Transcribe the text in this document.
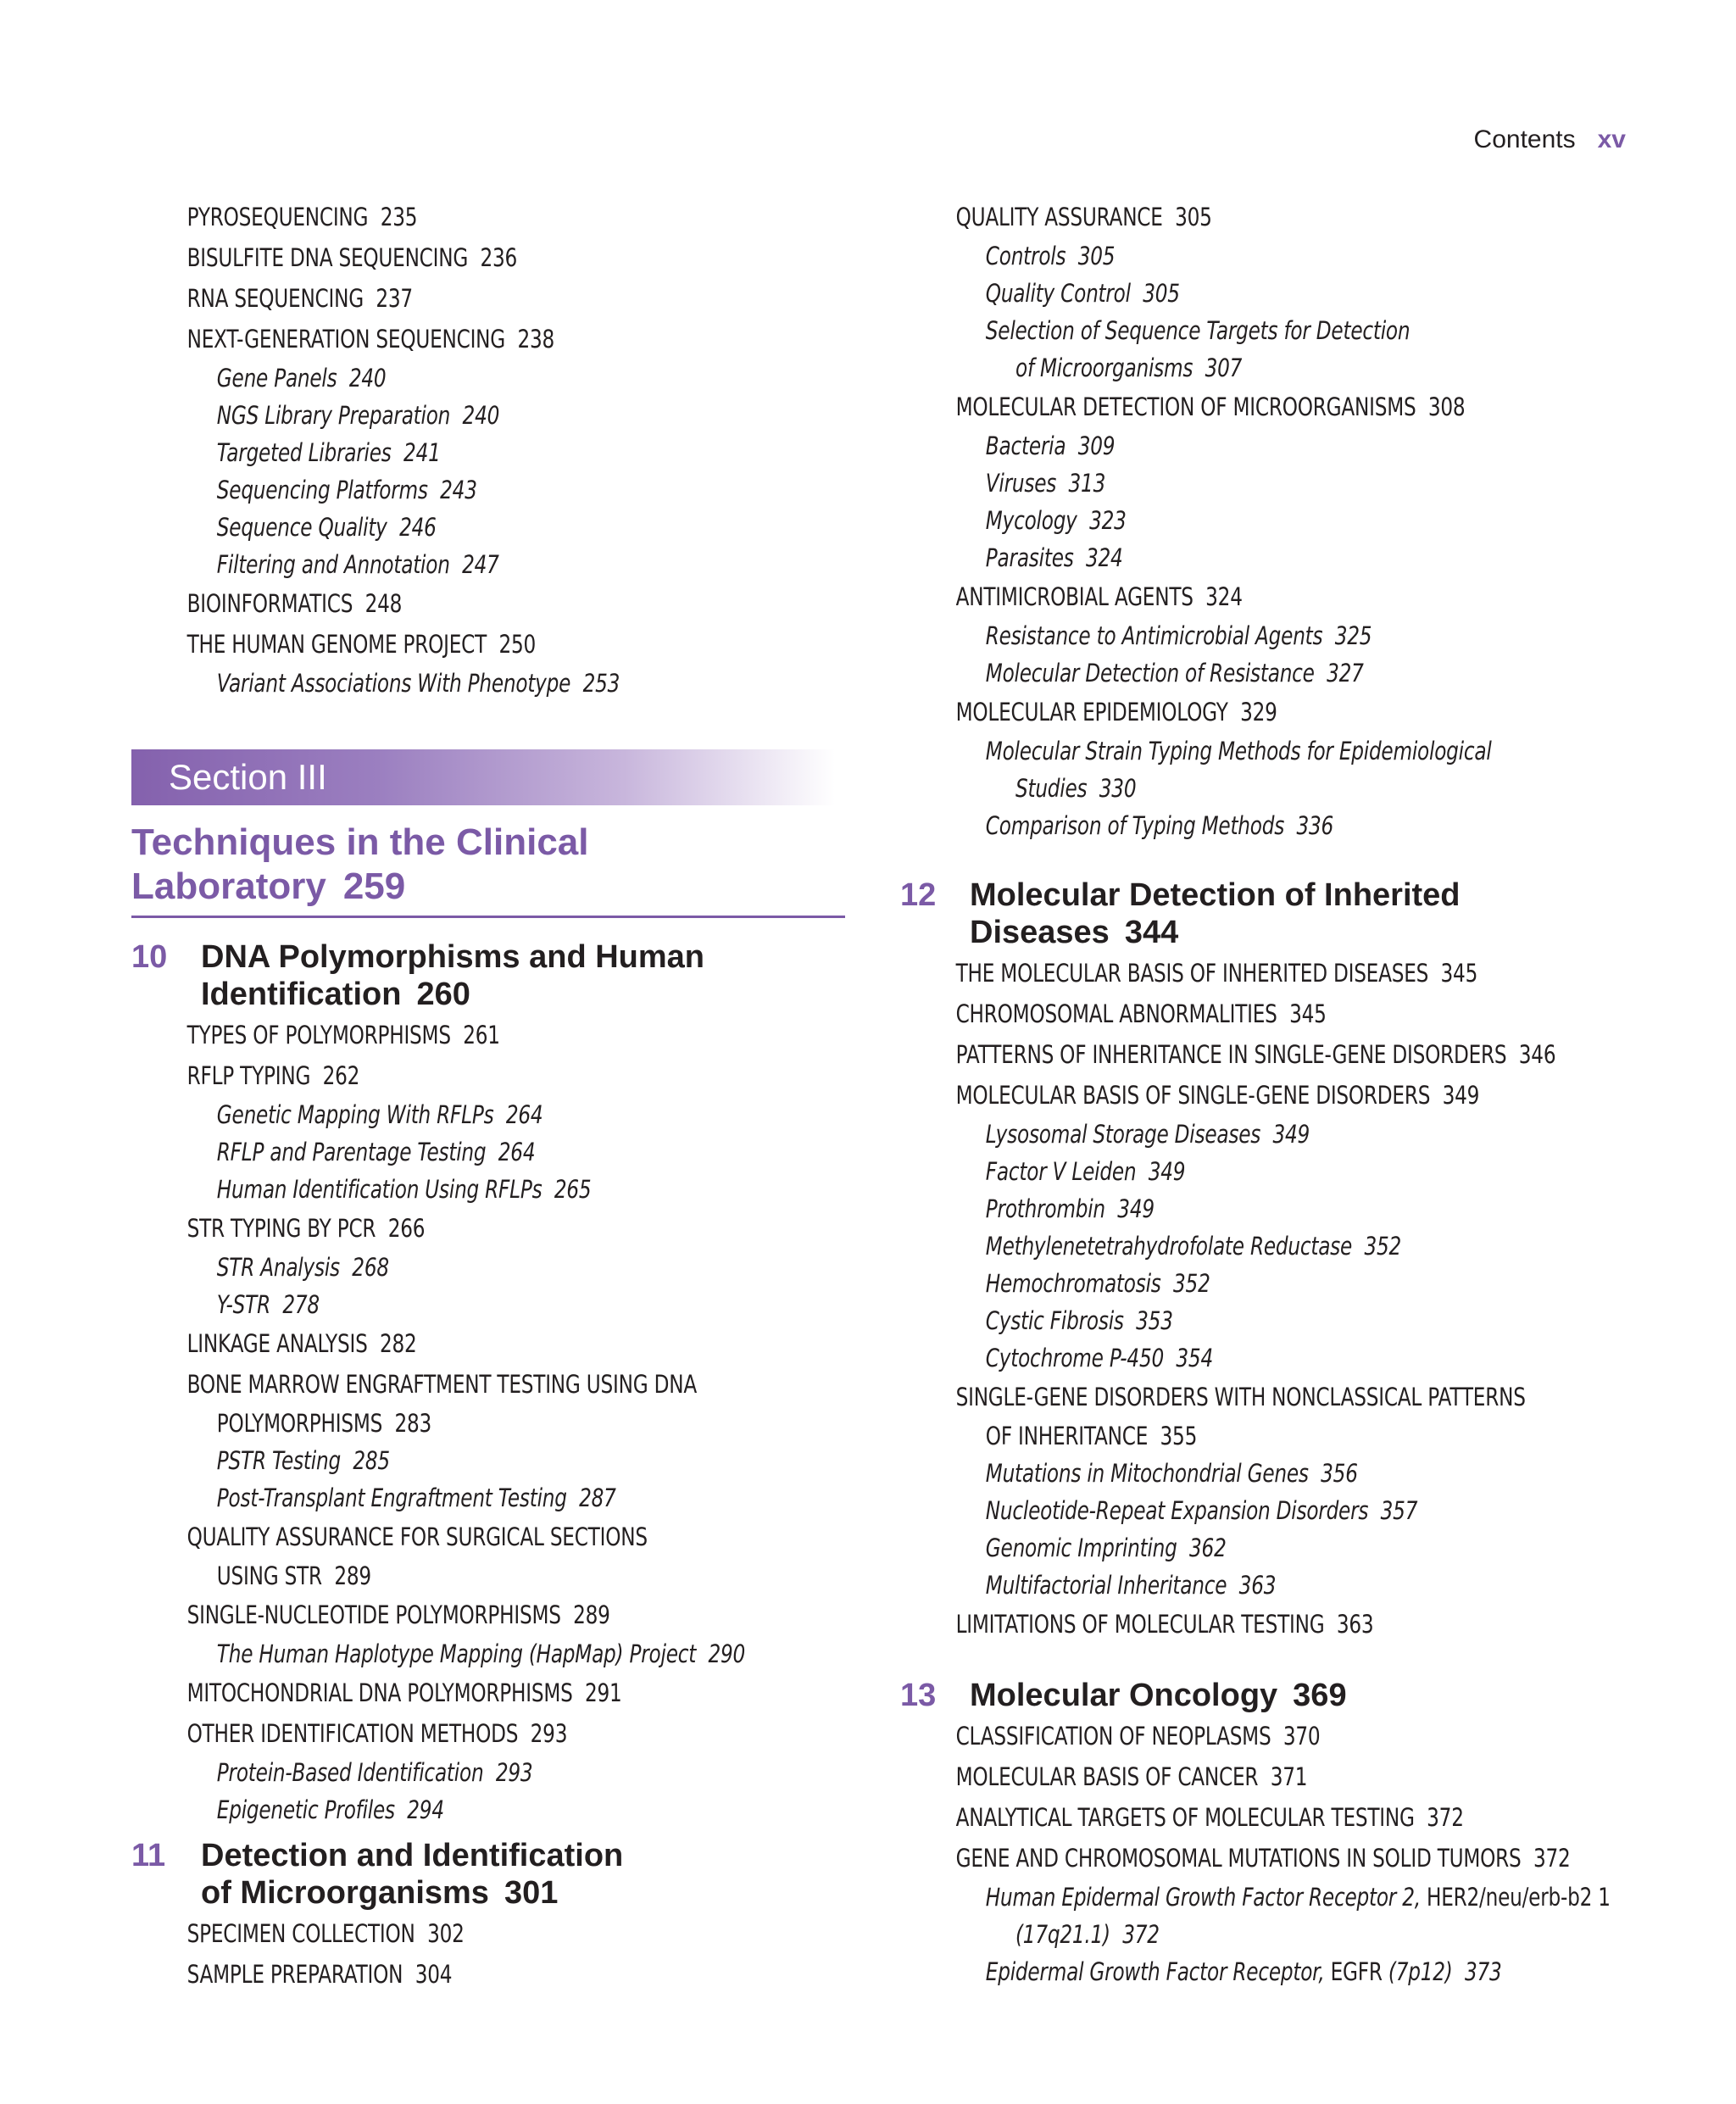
Contents xv
PYROSEQUENCING 235
BISULFITE DNA SEQUENCING 236
RNA SEQUENCING 237
NEXT-GENERATION SEQUENCING 238
Gene Panels 240
NGS Library Preparation 240
Targeted Libraries 241
Sequencing Platforms 243
Sequence Quality 246
Filtering and Annotation 247
BIOINFORMATICS 248
THE HUMAN GENOME PROJECT 250
Variant Associations With Phenotype 253
Section III
Techniques in the Clinical
Laboratory 259
10 DNA Polymorphisms and Human
Identification 260
TYPES OF POLYMORPHISMS 261
RFLP TYPING 262
Genetic Mapping With RFLPs 264
RFLP and Parentage Testing 264
Human Identification Using RFLPs 265
STR TYPING BY PCR 266
STR Analysis 268
Y-STR 278
LINKAGE ANALYSIS 282
BONE MARROW ENGRAFTMENT TESTING USING DNA
POLYMORPHISMS 283
PSTR Testing 285
Post-Transplant Engraftment Testing 287
QUALITY ASSURANCE FOR SURGICAL SECTIONS
USING STR 289
SINGLE-NUCLEOTIDE POLYMORPHISMS 289
The Human Haplotype Mapping (HapMap) Project 290
MITOCHONDRIAL DNA POLYMORPHISMS 291
OTHER IDENTIFICATION METHODS 293
Protein-Based Identification 293
Epigenetic Profiles 294
11 Detection and Identification
of Microorganisms 301
SPECIMEN COLLECTION 302
SAMPLE PREPARATION 304
QUALITY ASSURANCE 305
Controls 305
Quality Control 305
Selection of Sequence Targets for Detection
of Microorganisms 307
MOLECULAR DETECTION OF MICROORGANISMS 308
Bacteria 309
Viruses 313
Mycology 323
Parasites 324
ANTIMICROBIAL AGENTS 324
Resistance to Antimicrobial Agents 325
Molecular Detection of Resistance 327
MOLECULAR EPIDEMIOLOGY 329
Molecular Strain Typing Methods for Epidemiological
Studies 330
Comparison of Typing Methods 336
12 Molecular Detection of Inherited
Diseases 344
THE MOLECULAR BASIS OF INHERITED DISEASES 345
CHROMOSOMAL ABNORMALITIES 345
PATTERNS OF INHERITANCE IN SINGLE-GENE DISORDERS 346
MOLECULAR BASIS OF SINGLE-GENE DISORDERS 349
Lysosomal Storage Diseases 349
Factor V Leiden 349
Prothrombin 349
Methylenetetrahydrofolate Reductase 352
Hemochromatosis 352
Cystic Fibrosis 353
Cytochrome P-450 354
SINGLE-GENE DISORDERS WITH NONCLASSICAL PATTERNS
OF INHERITANCE 355
Mutations in Mitochondrial Genes 356
Nucleotide-Repeat Expansion Disorders 357
Genomic Imprinting 362
Multifactorial Inheritance 363
LIMITATIONS OF MOLECULAR TESTING 363
13 Molecular Oncology 369
CLASSIFICATION OF NEOPLASMS 370
MOLECULAR BASIS OF CANCER 371
ANALYTICAL TARGETS OF MOLECULAR TESTING 372
GENE AND CHROMOSOMAL MUTATIONS IN SOLID TUMORS 372
Human Epidermal Growth Factor Receptor 2, HER2/neu/erb-b2 1
(17q21.1) 372
Epidermal Growth Factor Receptor, EGFR (7p12) 373
